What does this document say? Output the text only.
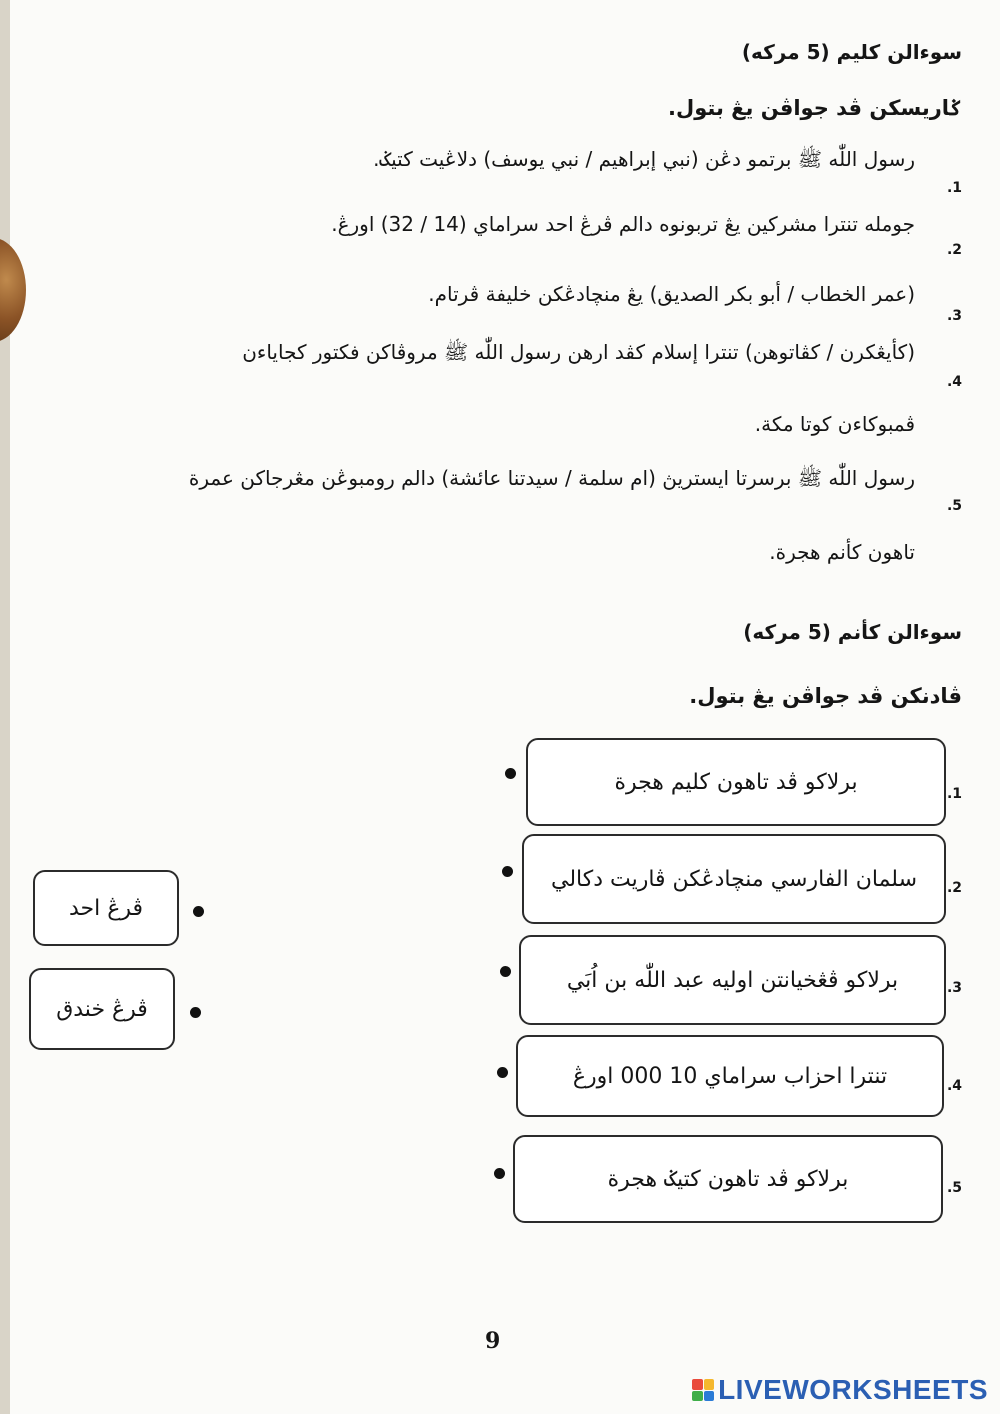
سوءالن كليم (5 مركه)
ݢاريسكن ڤد جواڤن يڠ بتول.
.1
رسول اللّٰه ﷺ برتمو دڠن (نبي إبراهيم / نبي يوسف) دلاڠيت كتيݢ.
.2
جومله تنترا مشركين يڠ تربونوه دالم ڤرڠ احد سراماي (14 / 32) اورڠ.
.3
(عمر الخطاب / أبو بكر الصديق) يڠ منچادڠكن خليفة ڤرتام.
.4
(كأيڠكرن / كڤاتوهن) تنترا إسلام كڤد ارهن رسول اللّٰه ﷺ مروڤاكن فكتور كجاياءن
ڤمبوكاءن كوتا مكة.
.5
رسول اللّٰه ﷺ برسرتا ايستريڽ (ام سلمة / سيدتنا عائشة) دالم رومبوڠن مڠرجاكن عمرة
تاهون كأنم هجرة.
سوءالن كأنم (5 مركه)
ڤادنكن ڤد جواڤن يڠ بتول.
.1
برلاكو ڤد تاهون كليم هجرة
.2
سلمان الفارسي منچادڠكن ڤاريت دکالي
.3
برلاكو ڤڠخيانتن اوليه عبد اللّٰه بن اُبَي
.4
تنترا احزاب سراماي 10 000 اورڠ
.5
برلاكو ڤد تاهون كتيݢ هجرة
ڤرڠ احد
ڤرڠ خندق
9
LIVEWORKSHEETS
